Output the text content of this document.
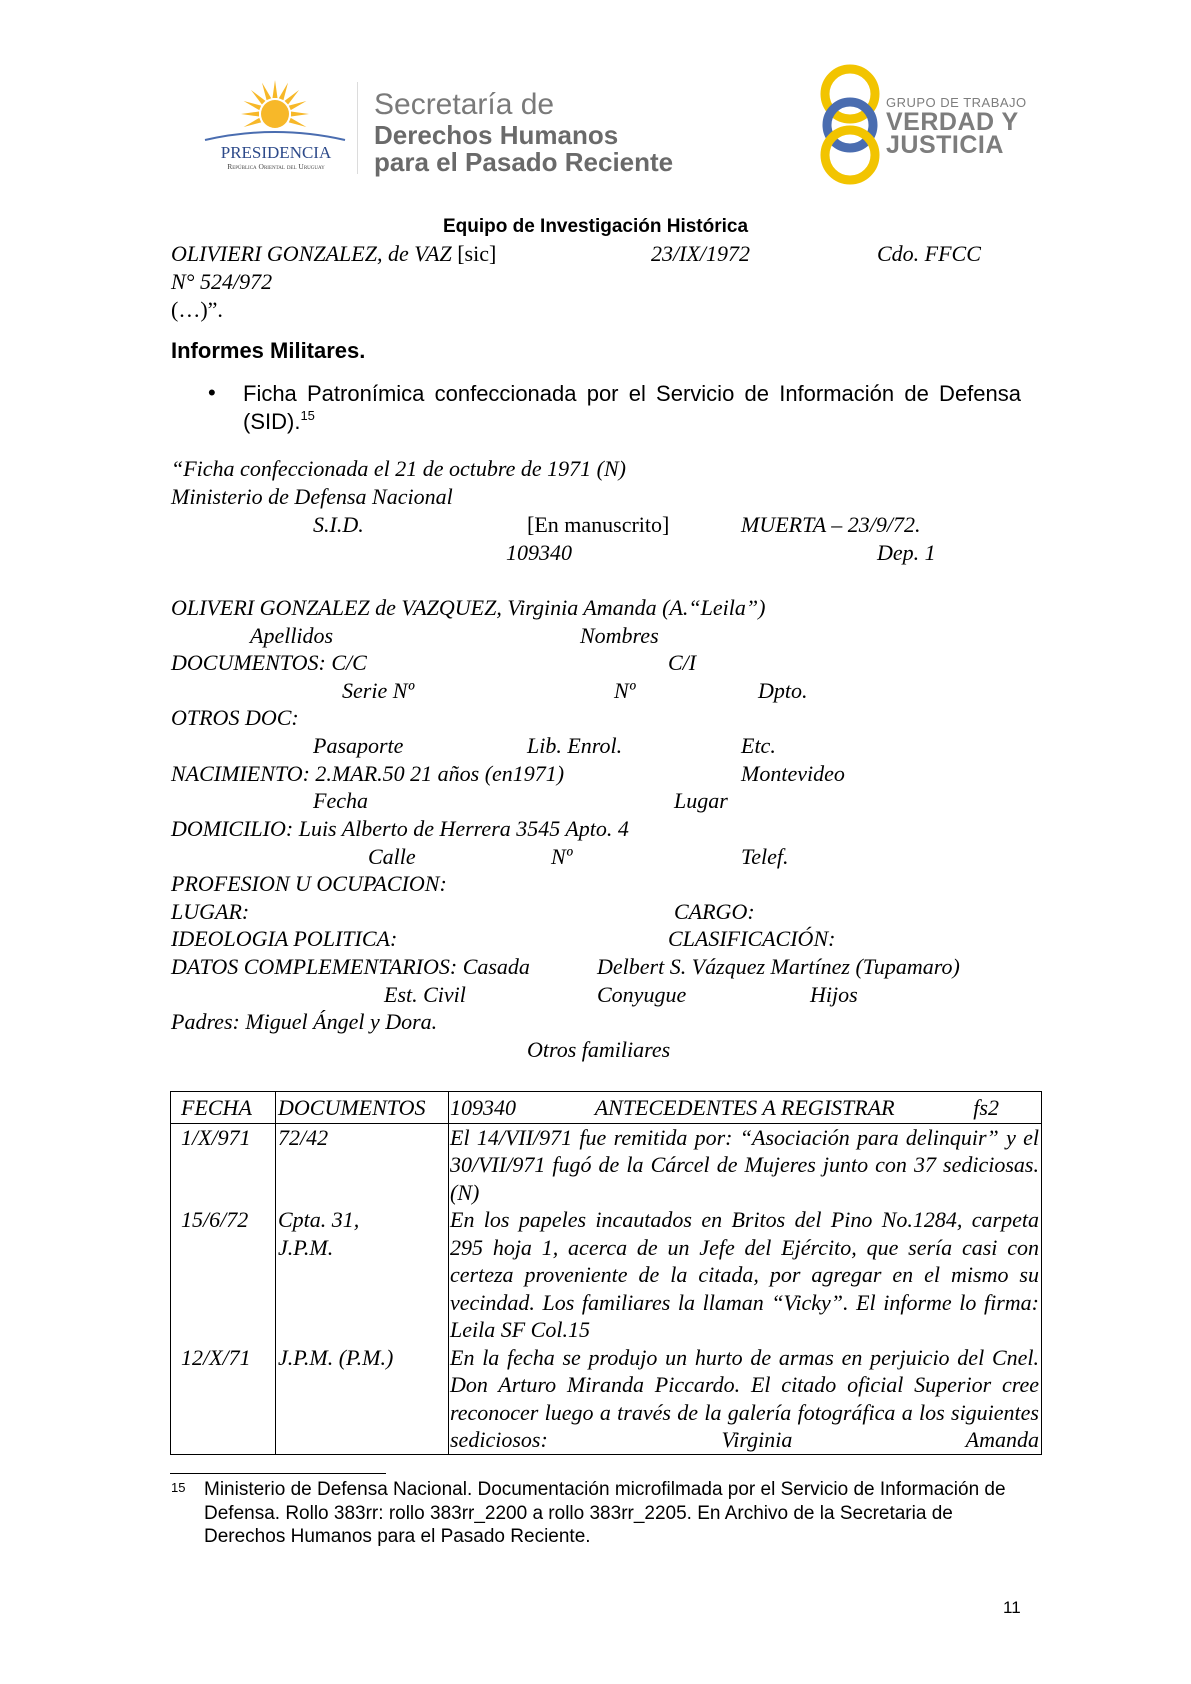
PRESIDENCIA
República Oriental del Uruguay
Secretaría de
Derechos Humanos
para el Pasado Reciente
GRUPO DE TRABAJO
VERDAD Y
JUSTICIA
Equipo de Investigación Histórica
OLIVIERI GONZALEZ, de VAZ [sic]	23/IX/1972	Cdo. FFCC
N° 524/972
(…)”.
Informes Militares.
• Ficha Patronímica confeccionada por el Servicio de Información de Defensa (SID).$^{15}$
“Ficha confeccionada el 21 de octubre de 1971 (N)
Ministerio de Defensa Nacional
S.I.D.	[En manuscrito]	MUERTA – 23/9/72.
109340	Dep. 1
OLIVERI GONZALEZ de VAZQUEZ, Virginia Amanda (A.“Leila”)
Apellidos	Nombres
DOCUMENTOS: C/C	C/I
Serie Nº	Nº	Dpto.
OTROS DOC:
Pasaporte	Lib. Enrol.	Etc.
NACIMIENTO: 2.MAR.50 21 años (en1971)	Montevideo
Fecha	Lugar
DOMICILIO: Luis Alberto de Herrera 3545 Apto. 4
Calle	Nº	Telef.
PROFESION U OCUPACION:
LUGAR:	CARGO:
IDEOLOGIA POLITICA:	CLASIFICACIÓN:
DATOS COMPLEMENTARIOS: Casada	Delbert S. Vázquez Martínez (Tupamaro)
Est. Civil	Conyugue	Hijos
Padres: Miguel Ángel y Dora.
Otros familiares
FECHA	DOCUMENTOS	109340 ANTECEDENTES A REGISTRAR fs2

1/X/971	72/42	El 14/VII/971 fue remitida por: “Asociación para delinquir” y el 30/VII/971 fugó de la Cárcel de Mujeres junto con 37 sediciosas. (N)

15/6/72	Cpta. 31,
J.P.M.	En los papeles incautados en Britos del Pino No.1284, carpeta 295 hoja 1, acerca de un Jefe del Ejército, que sería casi con certeza proveniente de la citada, por agregar en el mismo su vecindad. Los familiares la llaman “Vicky”. El informe lo firma: Leila SF Col.15

12/X/71	J.P.M. (P.M.)	En la fecha se produjo un hurto de armas en perjuicio del Cnel. Don Arturo Miranda Piccardo. El citado oficial Superior cree reconocer luego a través de la galería fotográfica a los siguientes sediciosos: Virginia Amanda
15 Ministerio de Defensa Nacional. Documentación microfilmada por el Servicio de Información de Defensa. Rollo 383rr: rollo 383rr_2200 a rollo 383rr_2205. En Archivo de la Secretaria de Derechos Humanos para el Pasado Reciente.
11
